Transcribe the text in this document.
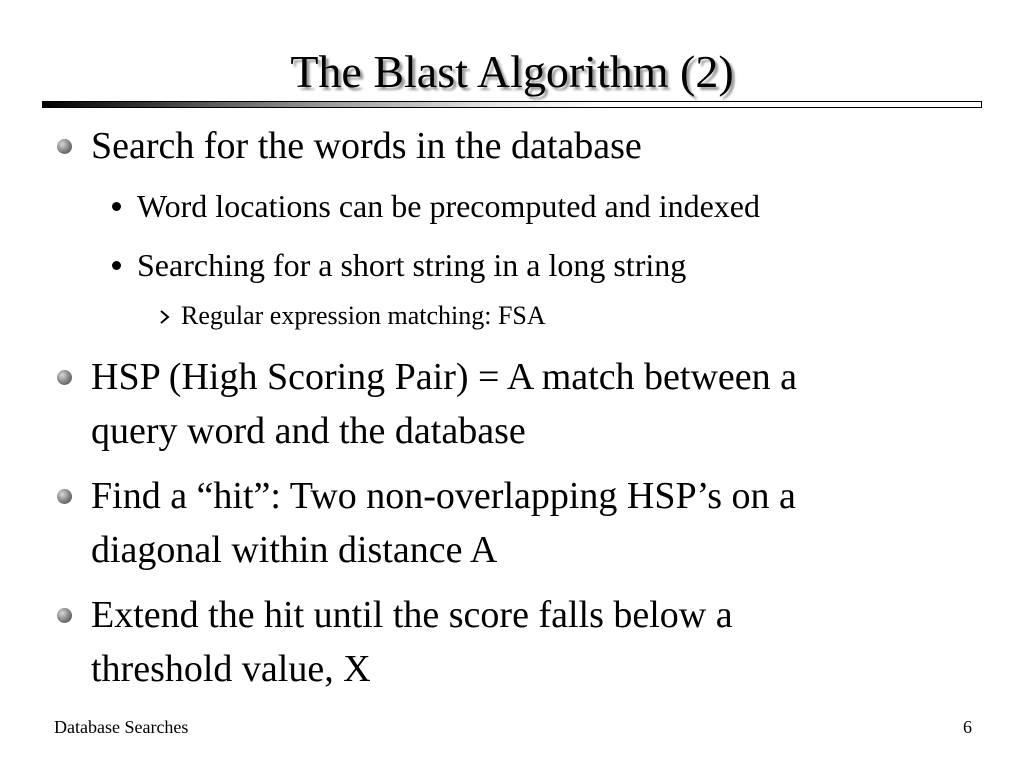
The Blast Algorithm (2)
Search for the words in the database
Word locations can be precomputed and indexed
Searching for a short string in a long string
Regular expression matching: FSA
HSP (High Scoring Pair) = A match between a
query word and the database
Find a “hit”: Two non-overlapping HSP’s on a
diagonal within distance A
Extend the hit until the score falls below a
threshold value, X
Database Searches	6
